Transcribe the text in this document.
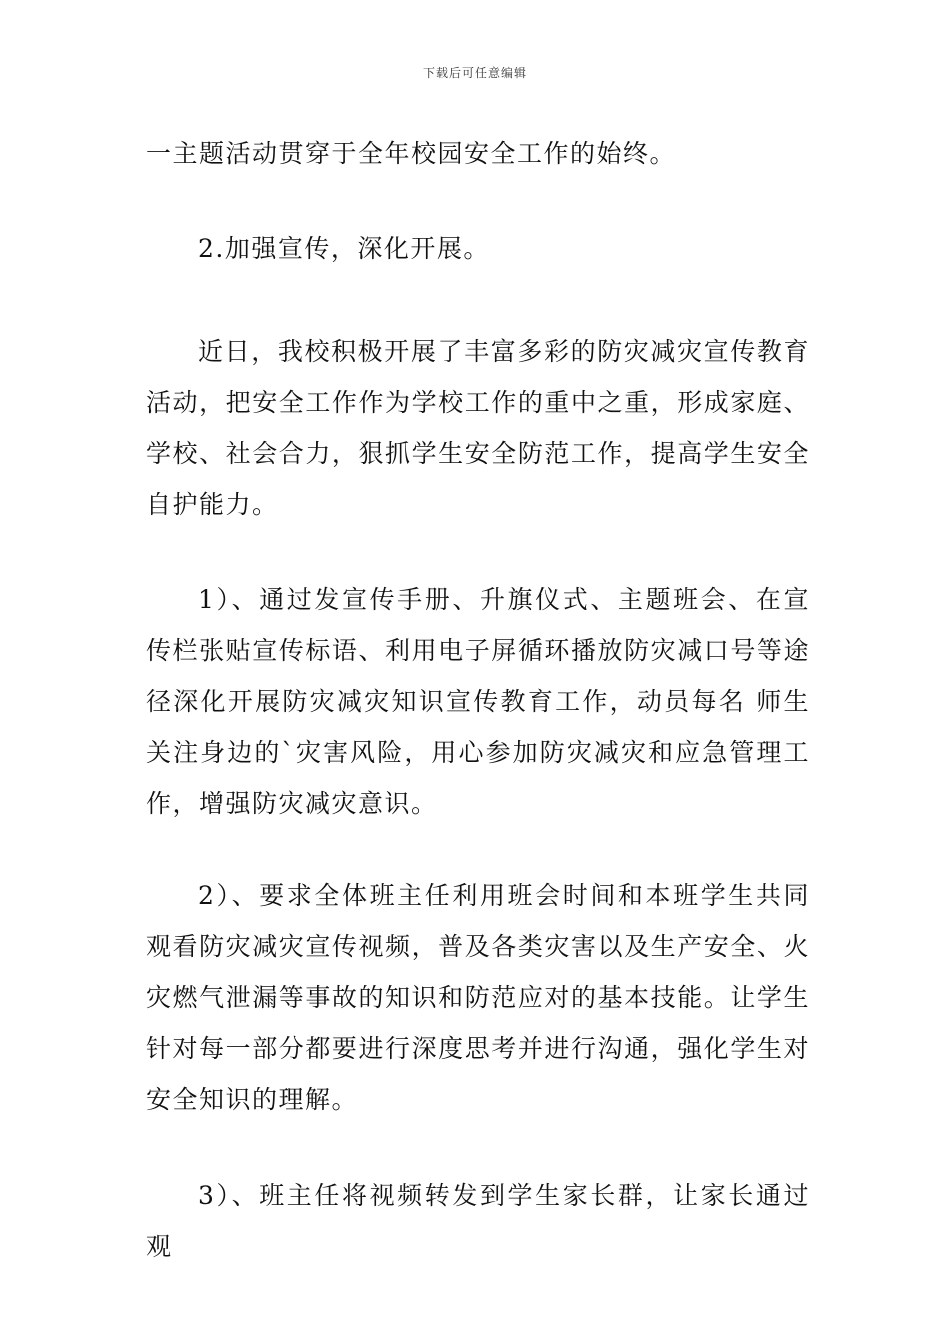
下载后可任意编辑

一主题活动贯穿于全年校园安全工作的始终。

2.加强宣传，深化开展。

近日，我校积极开展了丰富多彩的防灾减灾宣传教育活动，把安全工作作为学校工作的重中之重，形成家庭、学校、社会合力，狠抓学生安全防范工作，提高学生安全自护能力。

1）、通过发宣传手册、升旗仪式、主题班会、在宣传栏张贴宣传标语、利用电子屏循环播放防灾减口号等途径深化开展防灾减灾知识宣传教育工作，动员每名 师生关注身边的`灾害风险，用心参加防灾减灾和应急管理工作，增强防灾减灾意识。

2）、要求全体班主任利用班会时间和本班学生共同观看防灾减灾宣传视频，普及各类灾害以及生产安全、火灾燃气泄漏等事故的知识和防范应对的基本技能。让学生针对每一部分都要进行深度思考并进行沟通，强化学生对安全知识的理解。

3）、班主任将视频转发到学生家长群，让家长通过观
